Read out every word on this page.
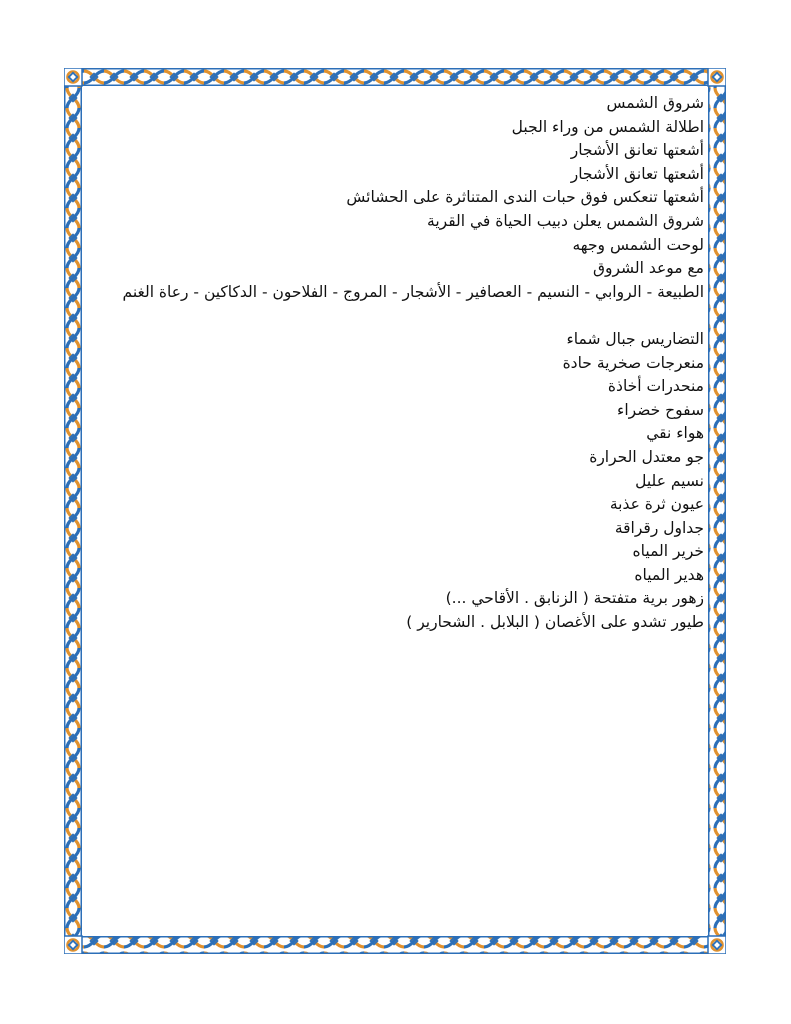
شروق الشمس
اطلالة الشمس من وراء الجبل
أشعتها تعانق الأشجار
أشعتها تعانق الأشجار
أشعتها تنعكس فوق حبات الندى المتناثرة على الحشائش
شروق الشمس يعلن دبيب الحياة في القرية
لوحت الشمس وجهه
مع موعد الشروق
الطبيعة - الروابي - النسيم - العصافير - الأشجار - المروج - الفلاحون - الدكاكين - رعاة الغنم
التضاريس جبال شماء
منعرجات صخرية حادة
منحدرات أخاذة
سفوح خضراء
هواء نقي
جو معتدل الحرارة
نسيم عليل
عيون ثرة عذبة
جداول رقراقة
خرير المياه
هدير المياه
زهور برية متفتحة ( الزنابق . الأقاحي ...)
طيور تشدو على الأغصان ( البلابل . الشحارير )
